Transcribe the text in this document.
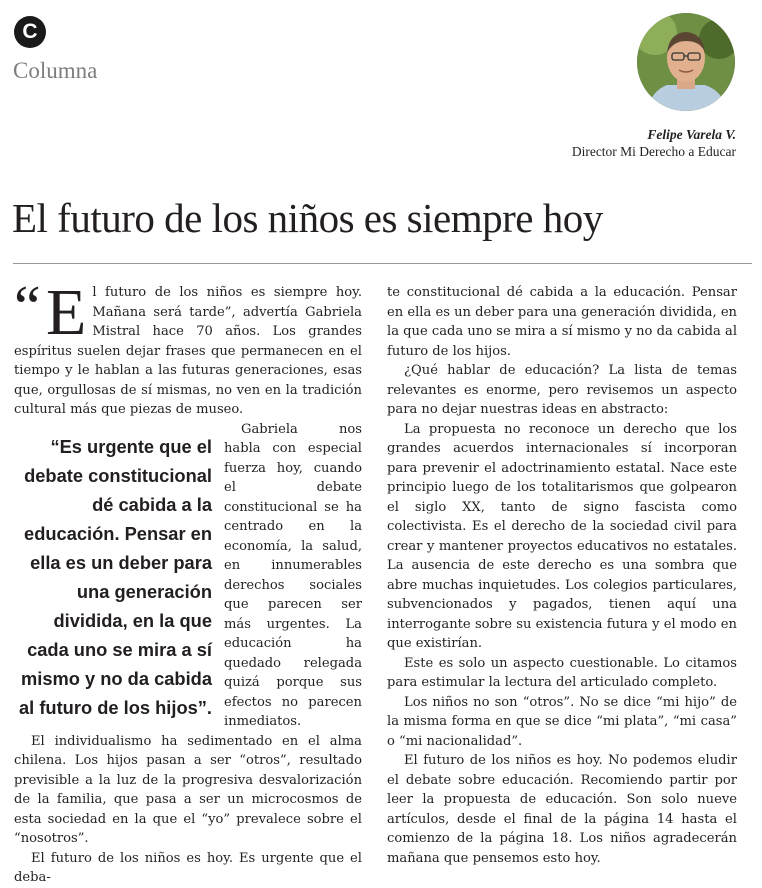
C
Columna
Felipe Varela V.
Director Mi Derecho a Educar
El futuro de los niños es siempre hoy
“ E l futuro de los niños es siempre hoy. Mañana será tarde”, advertía Gabriela Mistral hace 70 años. Los grandes espíritus suelen dejar frases que permanecen en el tiempo y le hablan a las futuras generaciones, esas que, orgullosas de sí mismas, no ven en la tradición cultural más que piezas de museo.

“Es urgente que el debate constitucional dé cabida a la educación. Pensar en ella es un deber para una generación dividida, en la que cada uno se mira a sí mismo y no da cabida al futuro de los hijos”.

Gabriela nos habla con especial fuerza hoy, cuando el debate constitucional se ha centrado en la economía, la salud, en innumerables derechos sociales que parecen ser más urgentes. La educación ha quedado relegada quizá porque sus efectos no parecen inmediatos.

El individualismo ha sedimentado en el alma chilena. Los hijos pasan a ser “otros”, resultado previsible a la luz de la progresiva desvalorización de la familia, que pasa a ser un microcosmos de esta sociedad en la que el “yo” prevalece sobre el “nosotros”.

El futuro de los niños es hoy. Es urgente que el deba-

te constitucional dé cabida a la educación. Pensar en ella es un deber para una generación dividida, en la que cada uno se mira a sí mismo y no da cabida al futuro de los hijos.

¿Qué hablar de educación? La lista de temas relevantes es enorme, pero revisemos un aspecto para no dejar nuestras ideas en abstracto:

La propuesta no reconoce un derecho que los grandes acuerdos internacionales sí incorporan para prevenir el adoctrinamiento estatal. Nace este principio luego de los totalitarismos que golpearon el siglo XX, tanto de signo fascista como colectivista. Es el derecho de la sociedad civil para crear y mantener proyectos educativos no estatales. La ausencia de este derecho es una sombra que abre muchas inquietudes. Los colegios particulares, subvencionados y pagados, tienen aquí una interrogante sobre su existencia futura y el modo en que existirían.

Este es solo un aspecto cuestionable. Lo citamos para estimular la lectura del articulado completo.

Los niños no son “otros”. No se dice “mi hijo” de la misma forma en que se dice “mi plata”, “mi casa” o “mi nacionalidad”.

El futuro de los niños es hoy. No podemos eludir el debate sobre educación. Recomiendo partir por leer la propuesta de educación. Son solo nueve artículos, desde el final de la página 14 hasta el comienzo de la página 18. Los niños agradecerán mañana que pensemos esto hoy.
